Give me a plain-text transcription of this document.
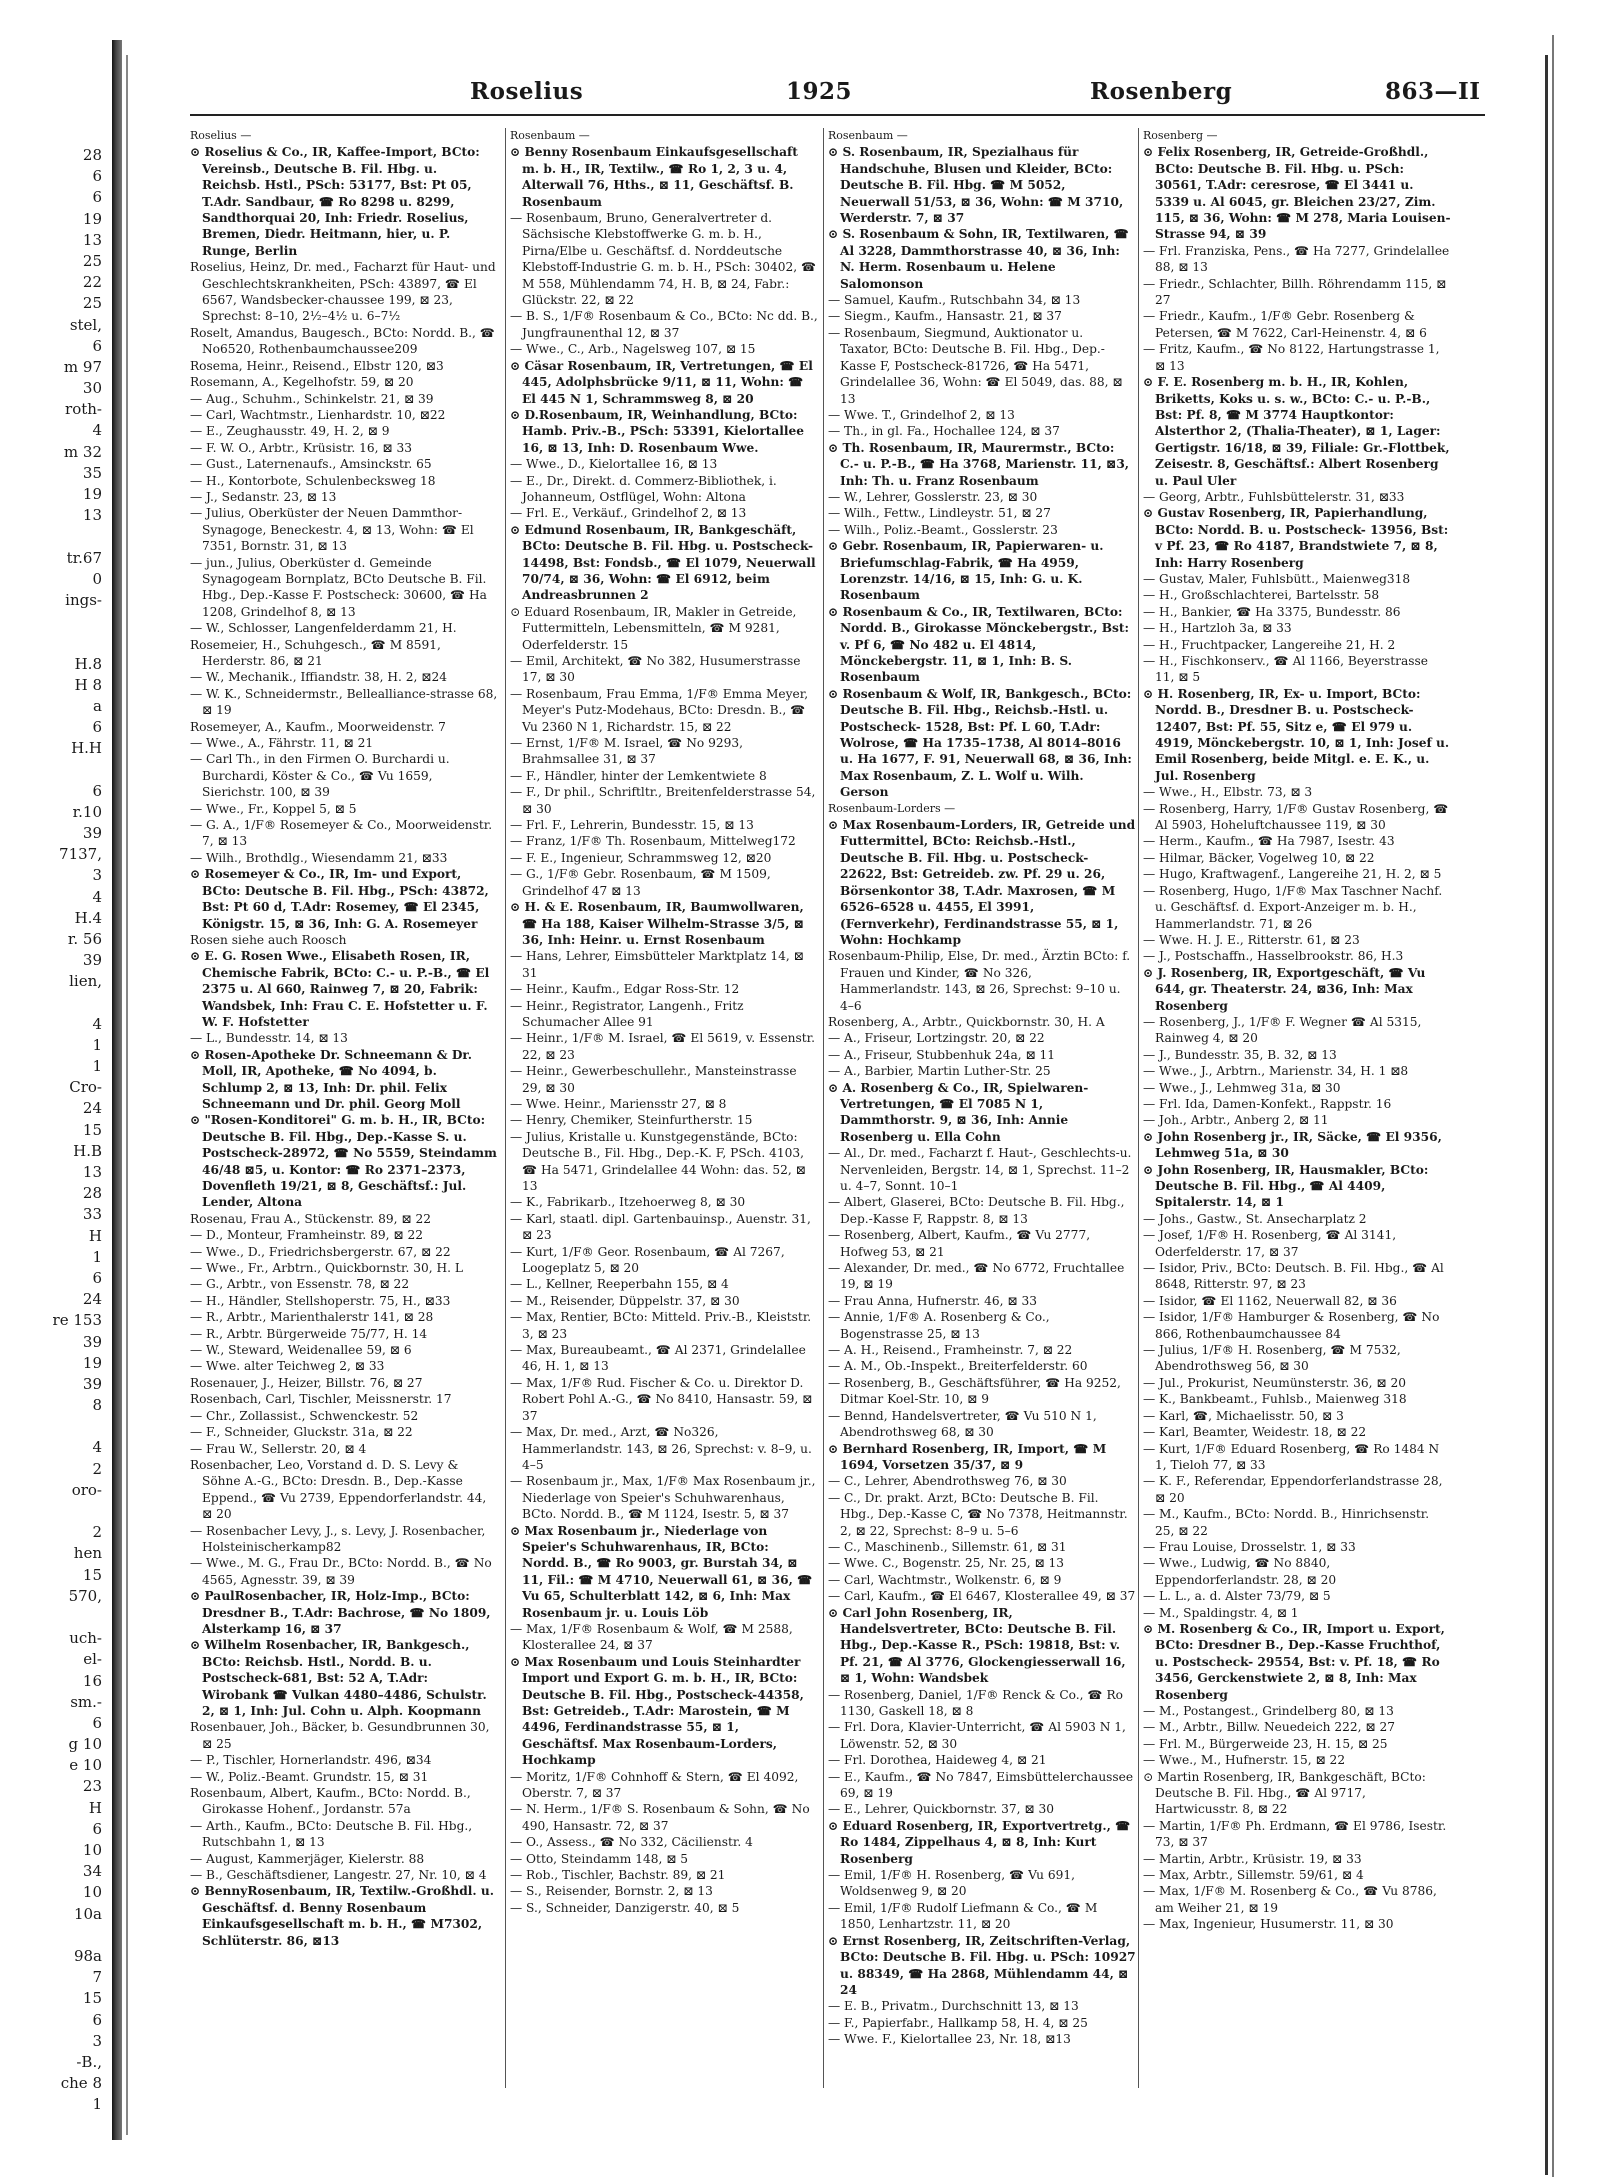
28
6
6
19
13
25
22
25
stel,
6
m 97
30
roth-
4
m 32
35
19
13
tr.67
0
ings-
H.8
H 8
a
6
H.H
6
r.10
39
7137,
3
4
H.4
r. 56
39
lien,
4
1
1
Cro-
24
15
H.B
13
28
33
H
1
6
24
re 153
39
19
39
8
4
2
oro-
2
hen
15
570,
uch-
el-
16
sm.-
6
g 10
e 10
23
H
6
10
34
10
10a
98a
7
15
6
3
-B.,
che 8
1
Roselius	1925	Rosenberg	863—II
Roselius —
⊙ Roselius & Co., IR, Kaffee-Import, BCto: Vereinsb., Deutsche B. Fil. Hbg. u. Reichsb. Hstl., PSch: 53177, Bst: Pt 05, T.Adr. Sandbaur, ☎ Ro 8298 u. 8299, Sandthorquai 20, Inh: Friedr. Roselius, Bremen, Diedr. Heitmann, hier, u. P. Runge, Berlin
Roselius, Heinz, Dr. med., Facharzt für Haut- und Geschlechtskrankheiten, PSch: 43897, ☎ El 6567, Wandsbecker-chaussee 199, ⊠ 23, Sprechst: 8–10, 2½–4½ u. 6–7½
Roselt, Amandus, Baugesch., BCto: Nordd. B., ☎ No6520, Rothenbaumchaussee209
Rosema, Heinr., Reisend., Elbstr 120, ⊠3
Rosemann, A., Kegelhofstr. 59, ⊠ 20
— Aug., Schuhm., Schinkelstr. 21, ⊠ 39
— Carl, Wachtmstr., Lienhardstr. 10, ⊠22
— E., Zeughausstr. 49, H. 2, ⊠ 9
— F. W. O., Arbtr., Krüsistr. 16, ⊠ 33
— Gust., Laternenaufs., Amsinckstr. 65
— H., Kontorbote, Schulenbecksweg 18
— J., Sedanstr. 23, ⊠ 13
— Julius, Oberküster der Neuen Dammthor-Synagoge, Beneckestr. 4, ⊠ 13, Wohn: ☎ El 7351, Bornstr. 31, ⊠ 13
— jun., Julius, Oberküster d. Gemeinde Synagogeam Bornplatz, BCto Deutsche B. Fil. Hbg., Dep.-Kasse F. Postscheck: 30600, ☎ Ha 1208, Grindelhof 8, ⊠ 13
— W., Schlosser, Langenfelderdamm 21, H.
Rosemeier, H., Schuhgesch., ☎ M 8591, Herderstr. 86, ⊠ 21
— W., Mechanik., Iffiandstr. 38, H. 2, ⊠24
— W. K., Schneidermstr., Bellealliance-strasse 68, ⊠ 19
Rosemeyer, A., Kaufm., Moorweidenstr. 7
— Wwe., A., Fährstr. 11, ⊠ 21
— Carl Th., in den Firmen O. Burchardi u. Burchardi, Köster & Co., ☎ Vu 1659, Sierichstr. 100, ⊠ 39
— Wwe., Fr., Koppel 5, ⊠ 5
— G. A., 1/F® Rosemeyer & Co., Moorweidenstr. 7, ⊠ 13
— Wilh., Brothdlg., Wiesendamm 21, ⊠33
⊙ Rosemeyer & Co., IR, Im- und Export, BCto: Deutsche B. Fil. Hbg., PSch: 43872, Bst: Pt 60 d, T.Adr: Rosemey, ☎ El 2345, Königstr. 15, ⊠ 36, Inh: G. A. Rosemeyer
Rosen siehe auch Roosch
⊙ E. G. Rosen Wwe., Elisabeth Rosen, IR, Chemische Fabrik, BCto: C.- u. P.-B., ☎ El 2375 u. Al 660, Rainweg 7, ⊠ 20, Fabrik: Wandsbek, Inh: Frau C. E. Hofstetter u. F. W. F. Hofstetter
— L., Bundesstr. 14, ⊠ 13
⊙ Rosen-Apotheke Dr. Schneemann & Dr. Moll, IR, Apotheke, ☎ No 4094, b. Schlump 2, ⊠ 13, Inh: Dr. phil. Felix Schneemann und Dr. phil. Georg Moll
⊙ "Rosen-Konditorei" G. m. b. H., IR, BCto: Deutsche B. Fil. Hbg., Dep.-Kasse S. u. Postscheck-28972, ☎ No 5559, Steindamm 46/48 ⊠5, u. Kontor: ☎ Ro 2371–2373, Dovenfleth 19/21, ⊠ 8, Geschäftsf.: Jul. Lender, Altona
Rosenau, Frau A., Stückenstr. 89, ⊠ 22
— D., Monteur, Framheinstr. 89, ⊠ 22
— Wwe., D., Friedrichsbergerstr. 67, ⊠ 22
— Wwe., Fr., Arbtrn., Quickbornstr. 30, H. L
— G., Arbtr., von Essenstr. 78, ⊠ 22
— H., Händler, Stellshoperstr. 75, H., ⊠33
— R., Arbtr., Marienthalerstr 141, ⊠ 28
— R., Arbtr. Bürgerweide 75/77, H. 14
— W., Steward, Weidenallee 59, ⊠ 6
— Wwe. alter Teichweg 2, ⊠ 33
Rosenauer, J., Heizer, Billstr. 76, ⊠ 27
Rosenbach, Carl, Tischler, Meissnerstr. 17
— Chr., Zollassist., Schwenckestr. 52
— F., Schneider, Gluckstr. 31a, ⊠ 22
— Frau W., Sellerstr. 20, ⊠ 4
Rosenbacher, Leo, Vorstand d. D. S. Levy & Söhne A.-G., BCto: Dresdn. B., Dep.-Kasse Eppend., ☎ Vu 2739, Eppendorferlandstr. 44, ⊠ 20
— Rosenbacher Levy, J., s. Levy, J. Rosenbacher, Holsteinischerkamp82
— Wwe., M. G., Frau Dr., BCto: Nordd. B., ☎ No 4565, Agnesstr. 39, ⊠ 39
⊙ PaulRosenbacher, IR, Holz-Imp., BCto: Dresdner B., T.Adr: Bachrose, ☎ No 1809, Alsterkamp 16, ⊠ 37
⊙ Wilhelm Rosenbacher, IR, Bankgesch., BCto: Reichsb. Hstl., Nordd. B. u. Postscheck-681, Bst: 52 A, T.Adr: Wirobank ☎ Vulkan 4480–4486, Schulstr. 2, ⊠ 1, Inh: Jul. Cohn u. Alph. Koopmann
Rosenbauer, Joh., Bäcker, b. Gesundbrunnen 30, ⊠ 25
— P., Tischler, Hornerlandstr. 496, ⊠34
— W., Poliz.-Beamt. Grundstr. 15, ⊠ 31
Rosenbaum, Albert, Kaufm., BCto: Nordd. B., Girokasse Hohenf., Jordanstr. 57a
— Arth., Kaufm., BCto: Deutsche B. Fil. Hbg., Rutschbahn 1, ⊠ 13
— August, Kammerjäger, Kielerstr. 88
— B., Geschäftsdiener, Langestr. 27, Nr. 10, ⊠ 4
⊙ BennyRosenbaum, IR, Textilw.-Großhdl. u. Geschäftsf. d. Benny Rosenbaum Einkaufsgesellschaft m. b. H., ☎ M7302, Schlüterstr. 86, ⊠13
Rosenbaum —
⊙ Benny Rosenbaum Einkaufsgesellschaft m. b. H., IR, Textilw., ☎ Ro 1, 2, 3 u. 4, Alterwall 76, Hths., ⊠ 11, Geschäftsf. B. Rosenbaum
— Rosenbaum, Bruno, Generalvertreter d. Sächsische Klebstoffwerke G. m. b. H., Pirna/Elbe u. Geschäftsf. d. Norddeutsche Klebstoff-Industrie G. m. b. H., PSch: 30402, ☎ M 558, Mühlendamm 74, H. B, ⊠ 24, Fabr.: Glückstr. 22, ⊠ 22
— B. S., 1/F® Rosenbaum & Co., BCto: Nc dd. B., Jungfraunenthal 12, ⊠ 37
— Wwe., C., Arb., Nagelsweg 107, ⊠ 15
⊙ Cäsar Rosenbaum, IR, Vertretungen, ☎ El 445, Adolphsbrücke 9/11, ⊠ 11, Wohn: ☎ El 445 N 1, Schrammsweg 8, ⊠ 20
⊙ D.Rosenbaum, IR, Weinhandlung, BCto: Hamb. Priv.-B., PSch: 53391, Kielortallee 16, ⊠ 13, Inh: D. Rosenbaum Wwe.
— Wwe., D., Kielortallee 16, ⊠ 13
— E., Dr., Direkt. d. Commerz-Bibliothek, i. Johanneum, Ostflügel, Wohn: Altona
— Frl. E., Verkäuf., Grindelhof 2, ⊠ 13
⊙ Edmund Rosenbaum, IR, Bankgeschäft, BCto: Deutsche B. Fil. Hbg. u. Postscheck-14498, Bst: Fondsb., ☎ El 1079, Neuerwall 70/74, ⊠ 36, Wohn: ☎ El 6912, beim Andreasbrunnen 2
⊙ Eduard Rosenbaum, IR, Makler in Getreide, Futtermitteln, Lebensmitteln, ☎ M 9281, Oderfelderstr. 15
— Emil, Architekt, ☎ No 382, Husumerstrasse 17, ⊠ 30
— Rosenbaum, Frau Emma, 1/F® Emma Meyer, Meyer's Putz-Modehaus, BCto: Dresdn. B., ☎ Vu 2360 N 1, Richardstr. 15, ⊠ 22
— Ernst, 1/F® M. Israel, ☎ No 9293, Brahmsallee 31, ⊠ 37
— F., Händler, hinter der Lemkentwiete 8
— F., Dr phil., Schriftltr., Breitenfelderstrasse 54, ⊠ 30
— Frl. F., Lehrerin, Bundesstr. 15, ⊠ 13
— Franz, 1/F® Th. Rosenbaum, Mittelweg172
— F. E., Ingenieur, Schrammsweg 12, ⊠20
— G., 1/F® Gebr. Rosenbaum, ☎ M 1509, Grindelhof 47 ⊠ 13
⊙ H. & E. Rosenbaum, IR, Baumwollwaren, ☎ Ha 188, Kaiser Wilhelm-Strasse 3/5, ⊠ 36, Inh: Heinr. u. Ernst Rosenbaum
— Hans, Lehrer, Eimsbütteler Marktplatz 14, ⊠ 31
— Heinr., Kaufm., Edgar Ross-Str. 12
— Heinr., Registrator, Langenh., Fritz Schumacher Allee 91
— Heinr., 1/F® M. Israel, ☎ El 5619, v. Essenstr. 22, ⊠ 23
— Heinr., Gewerbeschullehr., Mansteinstrasse 29, ⊠ 30
— Wwe. Heinr., Mariensstr 27, ⊠ 8
— Henry, Chemiker, Steinfurtherstr. 15
— Julius, Kristalle u. Kunstgegenstände, BCto: Deutsche B., Fil. Hbg., Dep.-K. F, PSch. 4103, ☎ Ha 5471, Grindelallee 44 Wohn: das. 52, ⊠ 13
— K., Fabrikarb., Itzehoerweg 8, ⊠ 30
— Karl, staatl. dipl. Gartenbauinsp., Auenstr. 31, ⊠ 23
— Kurt, 1/F® Geor. Rosenbaum, ☎ Al 7267, Loogeplatz 5, ⊠ 20
— L., Kellner, Reeperbahn 155, ⊠ 4
— M., Reisender, Düppelstr. 37, ⊠ 30
— Max, Rentier, BCto: Mitteld. Priv.-B., Kleiststr. 3, ⊠ 23
— Max, Bureaubeamt., ☎ Al 2371, Grindelallee 46, H. 1, ⊠ 13
— Max, 1/F® Rud. Fischer & Co. u. Direktor D. Robert Pohl A.-G., ☎ No 8410, Hansastr. 59, ⊠ 37
— Max, Dr. med., Arzt, ☎ No326, Hammerlandstr. 143, ⊠ 26, Sprechst: v. 8–9, u. 4–5
— Rosenbaum jr., Max, 1/F® Max Rosenbaum jr., Niederlage von Speier's Schuhwarenhaus, BCto. Nordd. B., ☎ M 1124, Isestr. 5, ⊠ 37
⊙ Max Rosenbaum jr., Niederlage von Speier's Schuhwarenhaus, IR, BCto: Nordd. B., ☎ Ro 9003, gr. Burstah 34, ⊠ 11, Fil.: ☎ M 4710, Neuerwall 61, ⊠ 36, ☎ Vu 65, Schulterblatt 142, ⊠ 6, Inh: Max Rosenbaum jr. u. Louis Löb
— Max, 1/F® Rosenbaum & Wolf, ☎ M 2588, Klosterallee 24, ⊠ 37
⊙ Max Rosenbaum und Louis Steinhardter Import und Export G. m. b. H., IR, BCto: Deutsche B. Fil. Hbg., Postscheck-44358, Bst: Getreideb., T.Adr: Marostein, ☎ M 4496, Ferdinandstrasse 55, ⊠ 1, Geschäftsf. Max Rosenbaum-Lorders, Hochkamp
— Moritz, 1/F® Cohnhoff & Stern, ☎ El 4092, Oberstr. 7, ⊠ 37
— N. Herm., 1/F® S. Rosenbaum & Sohn, ☎ No 490, Hansastr. 72, ⊠ 37
— O., Assess., ☎ No 332, Cäcilienstr. 4
— Otto, Steindamm 148, ⊠ 5
— Rob., Tischler, Bachstr. 89, ⊠ 21
— S., Reisender, Bornstr. 2, ⊠ 13
— S., Schneider, Danzigerstr. 40, ⊠ 5
Rosenbaum —
⊙ S. Rosenbaum, IR, Spezialhaus für Handschuhe, Blusen und Kleider, BCto: Deutsche B. Fil. Hbg. ☎ M 5052, Neuerwall 51/53, ⊠ 36, Wohn: ☎ M 3710, Werderstr. 7, ⊠ 37
⊙ S. Rosenbaum & Sohn, IR, Textilwaren, ☎ Al 3228, Dammthorstrasse 40, ⊠ 36, Inh: N. Herm. Rosenbaum u. Helene Salomonson
— Samuel, Kaufm., Rutschbahn 34, ⊠ 13
— Siegm., Kaufm., Hansastr. 21, ⊠ 37
— Rosenbaum, Siegmund, Auktionator u. Taxator, BCto: Deutsche B. Fil. Hbg., Dep.-Kasse F, Postscheck-81726, ☎ Ha 5471, Grindelallee 36, Wohn: ☎ El 5049, das. 88, ⊠ 13
— Wwe. T., Grindelhof 2, ⊠ 13
— Th., in gl. Fa., Hochallee 124, ⊠ 37
⊙ Th. Rosenbaum, IR, Maurermstr., BCto: C.- u. P.-B., ☎ Ha 3768, Marienstr. 11, ⊠3, Inh: Th. u. Franz Rosenbaum
— W., Lehrer, Gosslerstr. 23, ⊠ 30
— Wilh., Fettw., Lindleystr. 51, ⊠ 27
— Wilh., Poliz.-Beamt., Gosslerstr. 23
⊙ Gebr. Rosenbaum, IR, Papierwaren- u. Briefumschlag-Fabrik, ☎ Ha 4959, Lorenzstr. 14/16, ⊠ 15, Inh: G. u. K. Rosenbaum
⊙ Rosenbaum & Co., IR, Textilwaren, BCto: Nordd. B., Girokasse Mönckebergstr., Bst: v. Pf 6, ☎ No 482 u. El 4814, Mönckebergstr. 11, ⊠ 1, Inh: B. S. Rosenbaum
⊙ Rosenbaum & Wolf, IR, Bankgesch., BCto: Deutsche B. Fil. Hbg., Reichsb.-Hstl. u. Postscheck- 1528, Bst: Pf. L 60, T.Adr: Wolrose, ☎ Ha 1735–1738, Al 8014–8016 u. Ha 1677, F. 91, Neuerwall 68, ⊠ 36, Inh: Max Rosenbaum, Z. L. Wolf u. Wilh. Gerson
Rosenbaum-Lorders —
⊙ Max Rosenbaum-Lorders, IR, Getreide und Futtermittel, BCto: Reichsb.-Hstl., Deutsche B. Fil. Hbg. u. Postscheck- 22622, Bst: Getreideb. zw. Pf. 29 u. 26, Börsenkontor 38, T.Adr. Maxrosen, ☎ M 6526–6528 u. 4455, El 3991, (Fernverkehr), Ferdinandstrasse 55, ⊠ 1, Wohn: Hochkamp
Rosenbaum-Philip, Else, Dr. med., Ärztin BCto: f. Frauen und Kinder, ☎ No 326, Hammerlandstr. 143, ⊠ 26, Sprechst: 9–10 u. 4–6
Rosenberg, A., Arbtr., Quickbornstr. 30, H. A
— A., Friseur, Lortzingstr. 20, ⊠ 22
— A., Friseur, Stubbenhuk 24a, ⊠ 11
— A., Barbier, Martin Luther-Str. 25
⊙ A. Rosenberg & Co., IR, Spielwaren-Vertretungen, ☎ El 7085 N 1, Dammthorstr. 9, ⊠ 36, Inh: Annie Rosenberg u. Ella Cohn
— Al., Dr. med., Facharzt f. Haut-, Geschlechts-u. Nervenleiden, Bergstr. 14, ⊠ 1, Sprechst. 11–2 u. 4–7, Sonnt. 10–1
— Albert, Glaserei, BCto: Deutsche B. Fil. Hbg., Dep.-Kasse F, Rappstr. 8, ⊠ 13
— Rosenberg, Albert, Kaufm., ☎ Vu 2777, Hofweg 53, ⊠ 21
— Alexander, Dr. med., ☎ No 6772, Fruchtallee 19, ⊠ 19
— Frau Anna, Hufnerstr. 46, ⊠ 33
— Annie, 1/F® A. Rosenberg & Co., Bogenstrasse 25, ⊠ 13
— A. H., Reisend., Framheinstr. 7, ⊠ 22
— A. M., Ob.-Inspekt., Breiterfelderstr. 60
— Rosenberg, B., Geschäftsführer, ☎ Ha 9252, Ditmar Koel-Str. 10, ⊠ 9
— Bennd, Handelsvertreter, ☎ Vu 510 N 1, Abendrothsweg 68, ⊠ 30
⊙ Bernhard Rosenberg, IR, Import, ☎ M 1694, Vorsetzen 35/37, ⊠ 9
— C., Lehrer, Abendrothsweg 76, ⊠ 30
— C., Dr. prakt. Arzt, BCto: Deutsche B. Fil. Hbg., Dep.-Kasse C, ☎ No 7378, Heitmannstr. 2, ⊠ 22, Sprechst: 8–9 u. 5–6
— C., Maschinenb., Sillemstr. 61, ⊠ 31
— Wwe. C., Bogenstr. 25, Nr. 25, ⊠ 13
— Carl, Wachtmstr., Wolkenstr. 6, ⊠ 9
— Carl, Kaufm., ☎ El 6467, Klosterallee 49, ⊠ 37
⊙ Carl John Rosenberg, IR, Handelsvertreter, BCto: Deutsche B. Fil. Hbg., Dep.-Kasse R., PSch: 19818, Bst: v. Pf. 21, ☎ Al 3776, Glockengiesserwall 16, ⊠ 1, Wohn: Wandsbek
— Rosenberg, Daniel, 1/F® Renck & Co., ☎ Ro 1130, Gaskell 18, ⊠ 8
— Frl. Dora, Klavier-Unterricht, ☎ Al 5903 N 1, Löwenstr. 52, ⊠ 30
— Frl. Dorothea, Haideweg 4, ⊠ 21
— E., Kaufm., ☎ No 7847, Eimsbüttelerchaussee 69, ⊠ 19
— E., Lehrer, Quickbornstr. 37, ⊠ 30
⊙ Eduard Rosenberg, IR, Exportvertretg., ☎ Ro 1484, Zippelhaus 4, ⊠ 8, Inh: Kurt Rosenberg
— Emil, 1/F® H. Rosenberg, ☎ Vu 691, Woldsenweg 9, ⊠ 20
— Emil, 1/F® Rudolf Liefmann & Co., ☎ M 1850, Lenhartzstr. 11, ⊠ 20
⊙ Ernst Rosenberg, IR, Zeitschriften-Verlag, BCto: Deutsche B. Fil. Hbg. u. PSch: 10927 u. 88349, ☎ Ha 2868, Mühlendamm 44, ⊠ 24
— E. B., Privatm., Durchschnitt 13, ⊠ 13
— F., Papierfabr., Hallkamp 58, H. 4, ⊠ 25
— Wwe. F., Kielortallee 23, Nr. 18, ⊠13
Rosenberg —
⊙ Felix Rosenberg, IR, Getreide-Großhdl., BCto: Deutsche B. Fil. Hbg. u. PSch: 30561, T.Adr: ceresrose, ☎ El 3441 u. 5339 u. Al 6045, gr. Bleichen 23/27, Zim. 115, ⊠ 36, Wohn: ☎ M 278, Maria Louisen-Strasse 94, ⊠ 39
— Frl. Franziska, Pens., ☎ Ha 7277, Grindelallee 88, ⊠ 13
— Friedr., Schlachter, Billh. Röhrendamm 115, ⊠ 27
— Friedr., Kaufm., 1/F® Gebr. Rosenberg & Petersen, ☎ M 7622, Carl-Heinenstr. 4, ⊠ 6
— Fritz, Kaufm., ☎ No 8122, Hartungstrasse 1, ⊠ 13
⊙ F. E. Rosenberg m. b. H., IR, Kohlen, Briketts, Koks u. s. w., BCto: C.- u. P.-B., Bst: Pf. 8, ☎ M 3774 Hauptkontor: Alsterthor 2, (Thalia-Theater), ⊠ 1, Lager: Gertigstr. 16/18, ⊠ 39, Filiale: Gr.-Flottbek, Zeisestr. 8, Geschäftsf.: Albert Rosenberg u. Paul Uler
— Georg, Arbtr., Fuhlsbüttelerstr. 31, ⊠33
⊙ Gustav Rosenberg, IR, Papierhandlung, BCto: Nordd. B. u. Postscheck- 13956, Bst: v Pf. 23, ☎ Ro 4187, Brandstwiete 7, ⊠ 8, Inh: Harry Rosenberg
— Gustav, Maler, Fuhlsbütt., Maienweg318
— H., Großschlachterei, Bartelsstr. 58
— H., Bankier, ☎ Ha 3375, Bundesstr. 86
— H., Hartzloh 3a, ⊠ 33
— H., Fruchtpacker, Langereihe 21, H. 2
— H., Fischkonserv., ☎ Al 1166, Beyerstrasse 11, ⊠ 5
⊙ H. Rosenberg, IR, Ex- u. Import, BCto: Nordd. B., Dresdner B. u. Postscheck- 12407, Bst: Pf. 55, Sitz e, ☎ El 979 u. 4919, Mönckebergstr. 10, ⊠ 1, Inh: Josef u. Emil Rosenberg, beide Mitgl. e. E. K., u. Jul. Rosenberg
— Wwe., H., Elbstr. 73, ⊠ 3
— Rosenberg, Harry, 1/F® Gustav Rosenberg, ☎ Al 5903, Hoheluftchaussee 119, ⊠ 30
— Herm., Kaufm., ☎ Ha 7987, Isestr. 43
— Hilmar, Bäcker, Vogelweg 10, ⊠ 22
— Hugo, Kraftwagenf., Langereihe 21, H. 2, ⊠ 5
— Rosenberg, Hugo, 1/F® Max Taschner Nachf. u. Geschäftsf. d. Export-Anzeiger m. b. H., Hammerlandstr. 71, ⊠ 26
— Wwe. H. J. E., Ritterstr. 61, ⊠ 23
— J., Postschaffn., Hasselbrookstr. 86, H.3
⊙ J. Rosenberg, IR, Exportgeschäft, ☎ Vu 644, gr. Theaterstr. 24, ⊠36, Inh: Max Rosenberg
— Rosenberg, J., 1/F® F. Wegner ☎ Al 5315, Rainweg 4, ⊠ 20
— J., Bundesstr. 35, B. 32, ⊠ 13
— Wwe., J., Arbtrn., Marienstr. 34, H. 1 ⊠8
— Wwe., J., Lehmweg 31a, ⊠ 30
— Frl. Ida, Damen-Konfekt., Rappstr. 16
— Joh., Arbtr., Anberg 2, ⊠ 11
⊙ John Rosenberg jr., IR, Säcke, ☎ El 9356, Lehmweg 51a, ⊠ 30
⊙ John Rosenberg, IR, Hausmakler, BCto: Deutsche B. Fil. Hbg., ☎ Al 4409, Spitalerstr. 14, ⊠ 1
— Johs., Gastw., St. Ansecharplatz 2
— Josef, 1/F® H. Rosenberg, ☎ Al 3141, Oderfelderstr. 17, ⊠ 37
— Isidor, Priv., BCto: Deutsch. B. Fil. Hbg., ☎ Al 8648, Ritterstr. 97, ⊠ 23
— Isidor, ☎ El 1162, Neuerwall 82, ⊠ 36
— Isidor, 1/F® Hamburger & Rosenberg, ☎ No 866, Rothenbaumchaussee 84
— Julius, 1/F® H. Rosenberg, ☎ M 7532, Abendrothsweg 56, ⊠ 30
— Jul., Prokurist, Neumünsterstr. 36, ⊠ 20
— K., Bankbeamt., Fuhlsb., Maienweg 318
— Karl, ☎, Michaelisstr. 50, ⊠ 3
— Karl, Beamter, Weidestr. 18, ⊠ 22
— Kurt, 1/F® Eduard Rosenberg, ☎ Ro 1484 N 1, Tieloh 77, ⊠ 33
— K. F., Referendar, Eppendorferlandstrasse 28, ⊠ 20
— M., Kaufm., BCto: Nordd. B., Hinrichsenstr. 25, ⊠ 22
— Frau Louise, Drosselstr. 1, ⊠ 33
— Wwe., Ludwig, ☎ No 8840, Eppendorferlandstr. 28, ⊠ 20
— L. L., a. d. Alster 73/79, ⊠ 5
— M., Spaldingstr. 4, ⊠ 1
⊙ M. Rosenberg & Co., IR, Import u. Export, BCto: Dresdner B., Dep.-Kasse Fruchthof, u. Postscheck- 29554, Bst: v. Pf. 18, ☎ Ro 3456, Gerckenstwiete 2, ⊠ 8, Inh: Max Rosenberg
— M., Postangest., Grindelberg 80, ⊠ 13
— M., Arbtr., Billw. Neuedeich 222, ⊠ 27
— Frl. M., Bürgerweide 23, H. 15, ⊠ 25
— Wwe., M., Hufnerstr. 15, ⊠ 22
⊙ Martin Rosenberg, IR, Bankgeschäft, BCto: Deutsche B. Fil. Hbg., ☎ Al 9717, Hartwicusstr. 8, ⊠ 22
— Martin, 1/F® Ph. Erdmann, ☎ El 9786, Isestr. 73, ⊠ 37
— Martin, Arbtr., Krüsistr. 19, ⊠ 33
— Max, Arbtr., Sillemstr. 59/61, ⊠ 4
— Max, 1/F® M. Rosenberg & Co., ☎ Vu 8786, am Weiher 21, ⊠ 19
— Max, Ingenieur, Husumerstr. 11, ⊠ 30
